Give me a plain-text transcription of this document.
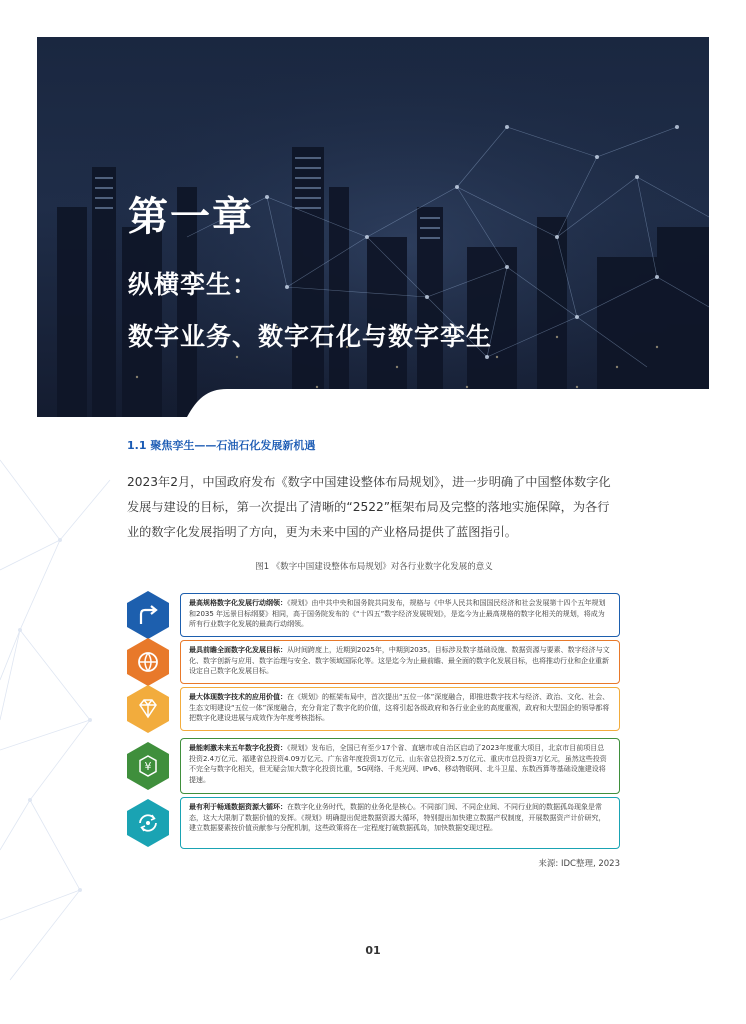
第一章
纵横孪生：
数字业务、数字石化与数字孪生
1.1 聚焦孪生——石油石化发展新机遇

2023年2月，中国政府发布《数字中国建设整体布局规划》，进一步明确了中国整体数字化发展与建设的目标，第一次提出了清晰的“2522”框架布局及完整的落地实施保障，为各行业的数字化发展指明了方向，更为未来中国的产业格局提供了蓝图指引。

图1 《数字中国建设整体布局规划》对各行业数字化发展的意义
最高规格数字化发展行动纲领：《规划》由中共中央和国务院共同发布，规格与《中华人民共和国国民经济和社会发展第十四个五年规划和2035 年远景目标纲要》相同，高于国务院发布的《“十四五”数字经济发展规划》，是迄今为止最高规格的数字化相关的规划，将成为所有行业数字化发展的最高行动纲领。
最具前瞻全面数字化发展目标：从时间跨度上，近期到2025年，中期到2035。目标涉及数字基础设施、数据资源与要素、数字经济与文化、数字创新与应用、数字治理与安全、数字领域国际化等。这是迄今为止最前瞻、最全面的数字化发展目标，也将推动行业和企业重新设定自己数字化发展目标。
最大体现数字技术的应用价值：在《规划》的框架布局中，首次提出“五位一体”深度融合，即推进数字技术与经济、政治、文化、社会、生态文明建设“五位一体”深度融合，充分肯定了数字化的价值，这将引起各级政府和各行业企业的高度重视，政府和大型国企的领导都将把数字化建设进展与成效作为年度考核指标。
¥
最能刺激未来五年数字化投资：《规划》发布后，全国已有至少17个省、直辖市或自治区启动了2023年度重大项目，北京市目前项目总投资2.4万亿元、福建省总投资4.09万亿元、广东省年度投资1万亿元、山东省总投资2.5万亿元、重庆市总投资3万亿元，虽然这些投资不完全与数字化相关，但无疑会加大数字化投资比重，5G网络、千兆光网、IPv6、移动物联网、北斗卫星、东数西算等基础设施建设将提速。
最有利于畅通数据资源大循环：在数字化业务时代，数据的业务化是核心。不同部门间、不同企业间、不同行业间的数据孤岛现象是常态，这大大限制了数据价值的发挥。《规划》明确提出促进数据资源大循环，特别提出加快建立数据产权制度，开展数据资产计价研究，建立数据要素按价值贡献参与分配机制，这些政策将在一定程度打破数据孤岛，加快数据变现过程。
来源: IDC整理, 2023
01
